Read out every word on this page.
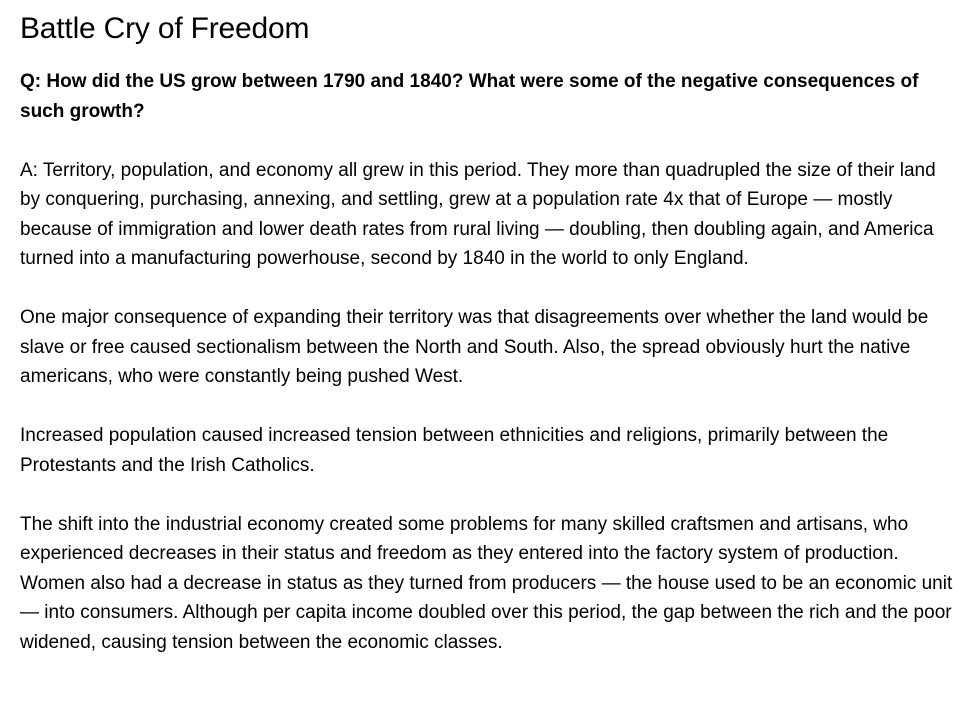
Battle Cry of Freedom

Q: How did the US grow between 1790 and 1840? What were some of the negative consequences of such growth?

A: Territory, population, and economy all grew in this period. They more than quadrupled the size of their land by conquering, purchasing, annexing, and settling, grew at a population rate 4x that of Europe — mostly because of immigration and lower death rates from rural living — doubling, then doubling again, and America turned into a manufacturing powerhouse, second by 1840 in the world to only England.

One major consequence of expanding their territory was that disagreements over whether the land would be slave or free caused sectionalism between the North and South. Also, the spread obviously hurt the native americans, who were constantly being pushed West.

Increased population caused increased tension between ethnicities and religions, primarily between the Protestants and the Irish Catholics.

The shift into the industrial economy created some problems for many skilled craftsmen and artisans, who experienced decreases in their status and freedom as they entered into the factory system of production. Women also had a decrease in status as they turned from producers — the house used to be an economic unit — into consumers. Although per capita income doubled over this period, the gap between the rich and the poor widened, causing tension between the economic classes.
